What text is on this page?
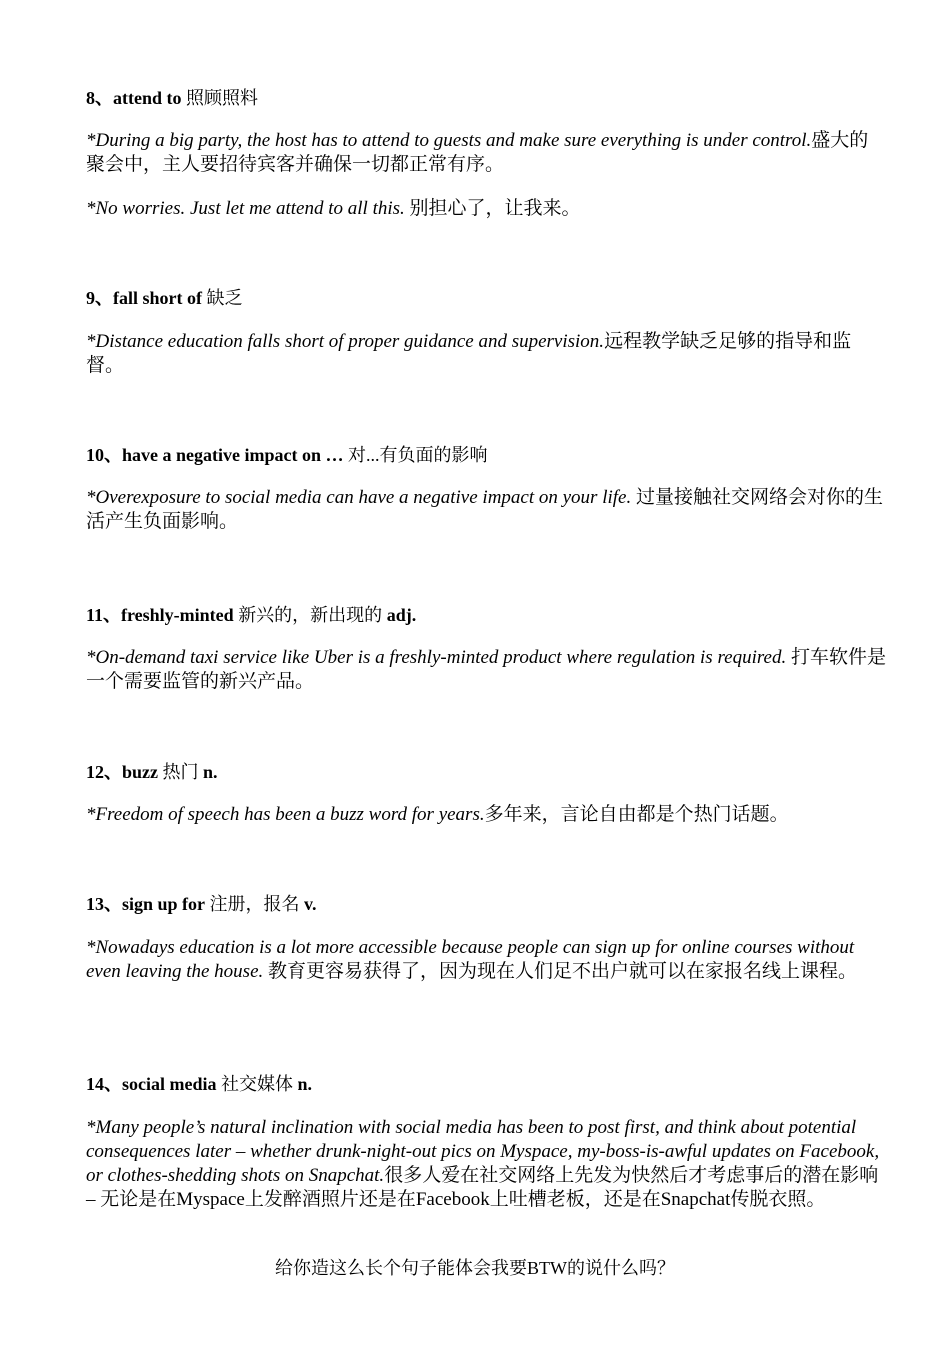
8、attend to 照顾照料
*During a big party, the host has to attend to guests and make sure everything is under control.盛大的聚会中，主人要招待宾客并确保一切都正常有序。
*No worries. Just let me attend to all this. 别担心了，让我来。
9、fall short of 缺乏
*Distance education falls short of proper guidance and supervision.远程教学缺乏足够的指导和监督。
10、have a negative impact on … 对...有负面的影响
*Overexposure to social media can have a negative impact on your life. 过量接触社交网络会对你的生活产生负面影响。
11、freshly-minted 新兴的，新出现的 adj.
*On-demand taxi service like Uber is a freshly-minted product where regulation is required. 打车软件是一个需要监管的新兴产品。
12、buzz 热门 n.
*Freedom of speech has been a buzz word for years.多年来，言论自由都是个热门话题。
13、sign up for 注册，报名 v.
*Nowadays education is a lot more accessible because people can sign up for online courses without even leaving the house. 教育更容易获得了，因为现在人们足不出户就可以在家报名线上课程。
14、social media 社交媒体 n.
*Many people’s natural inclination with social media has been to post first, and think about potential consequences later – whether drunk-night-out pics on Myspace, my-boss-is-awful updates on Facebook, or clothes-shedding shots on Snapchat.很多人爱在社交网络上先发为快然后才考虑事后的潜在影响 – 无论是在Myspace上发醉酒照片还是在Facebook上吐槽老板，还是在Snapchat传脱衣照。
给你造这么长个句子能体会我要BTW的说什么吗？
